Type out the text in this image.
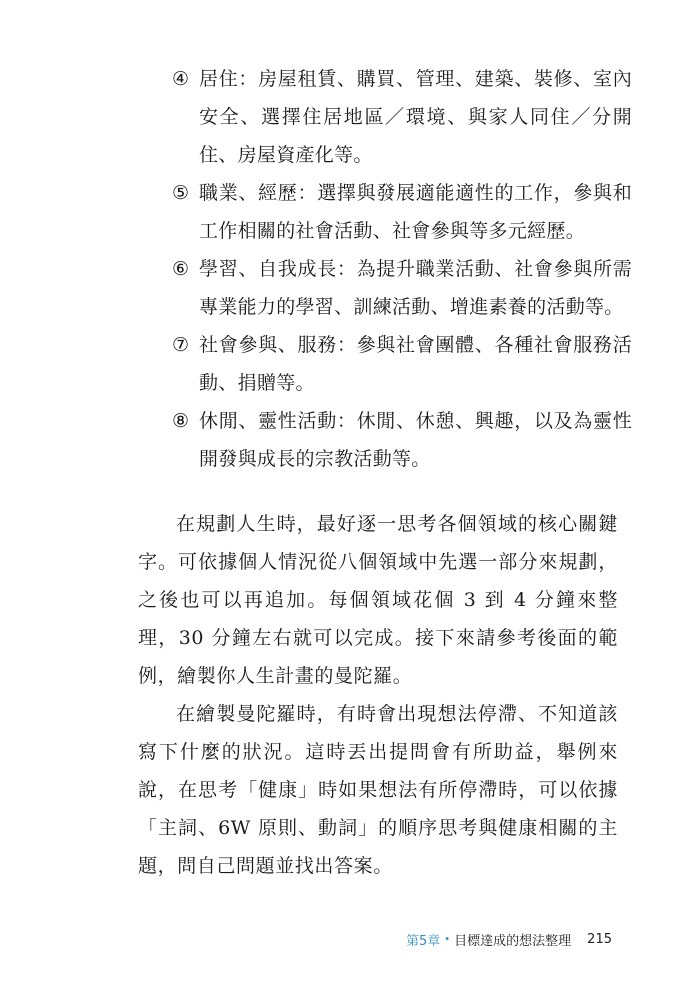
④ 居住：房屋租賃、購買、管理、建築、裝修、室內安全、選擇住居地區／環境、與家人同住／分開住、房屋資產化等。
⑤ 職業、經歷：選擇與發展適能適性的工作，參與和工作相關的社會活動、社會參與等多元經歷。
⑥ 學習、自我成長：為提升職業活動、社會參與所需專業能力的學習、訓練活動、增進素養的活動等。
⑦ 社會參與、服務：參與社會團體、各種社會服務活動、捐贈等。
⑧ 休閒、靈性活動：休閒、休憩、興趣，以及為靈性開發與成長的宗教活動等。

在規劃人生時，最好逐一思考各個領域的核心關鍵字。可依據個人情況從八個領域中先選一部分來規劃，之後也可以再追加。每個領域花個 3 到 4 分鐘來整理，30 分鐘左右就可以完成。接下來請參考後面的範例，繪製你人生計畫的曼陀羅。

在繪製曼陀羅時，有時會出現想法停滯、不知道該寫下什麼的狀況。這時丟出提問會有所助益，舉例來說，在思考「健康」時如果想法有所停滯時，可以依據「主詞、6W 原則、動詞」的順序思考與健康相關的主題，問自己問題並找出答案。

第5章 • 目標達成的想法整理 215
